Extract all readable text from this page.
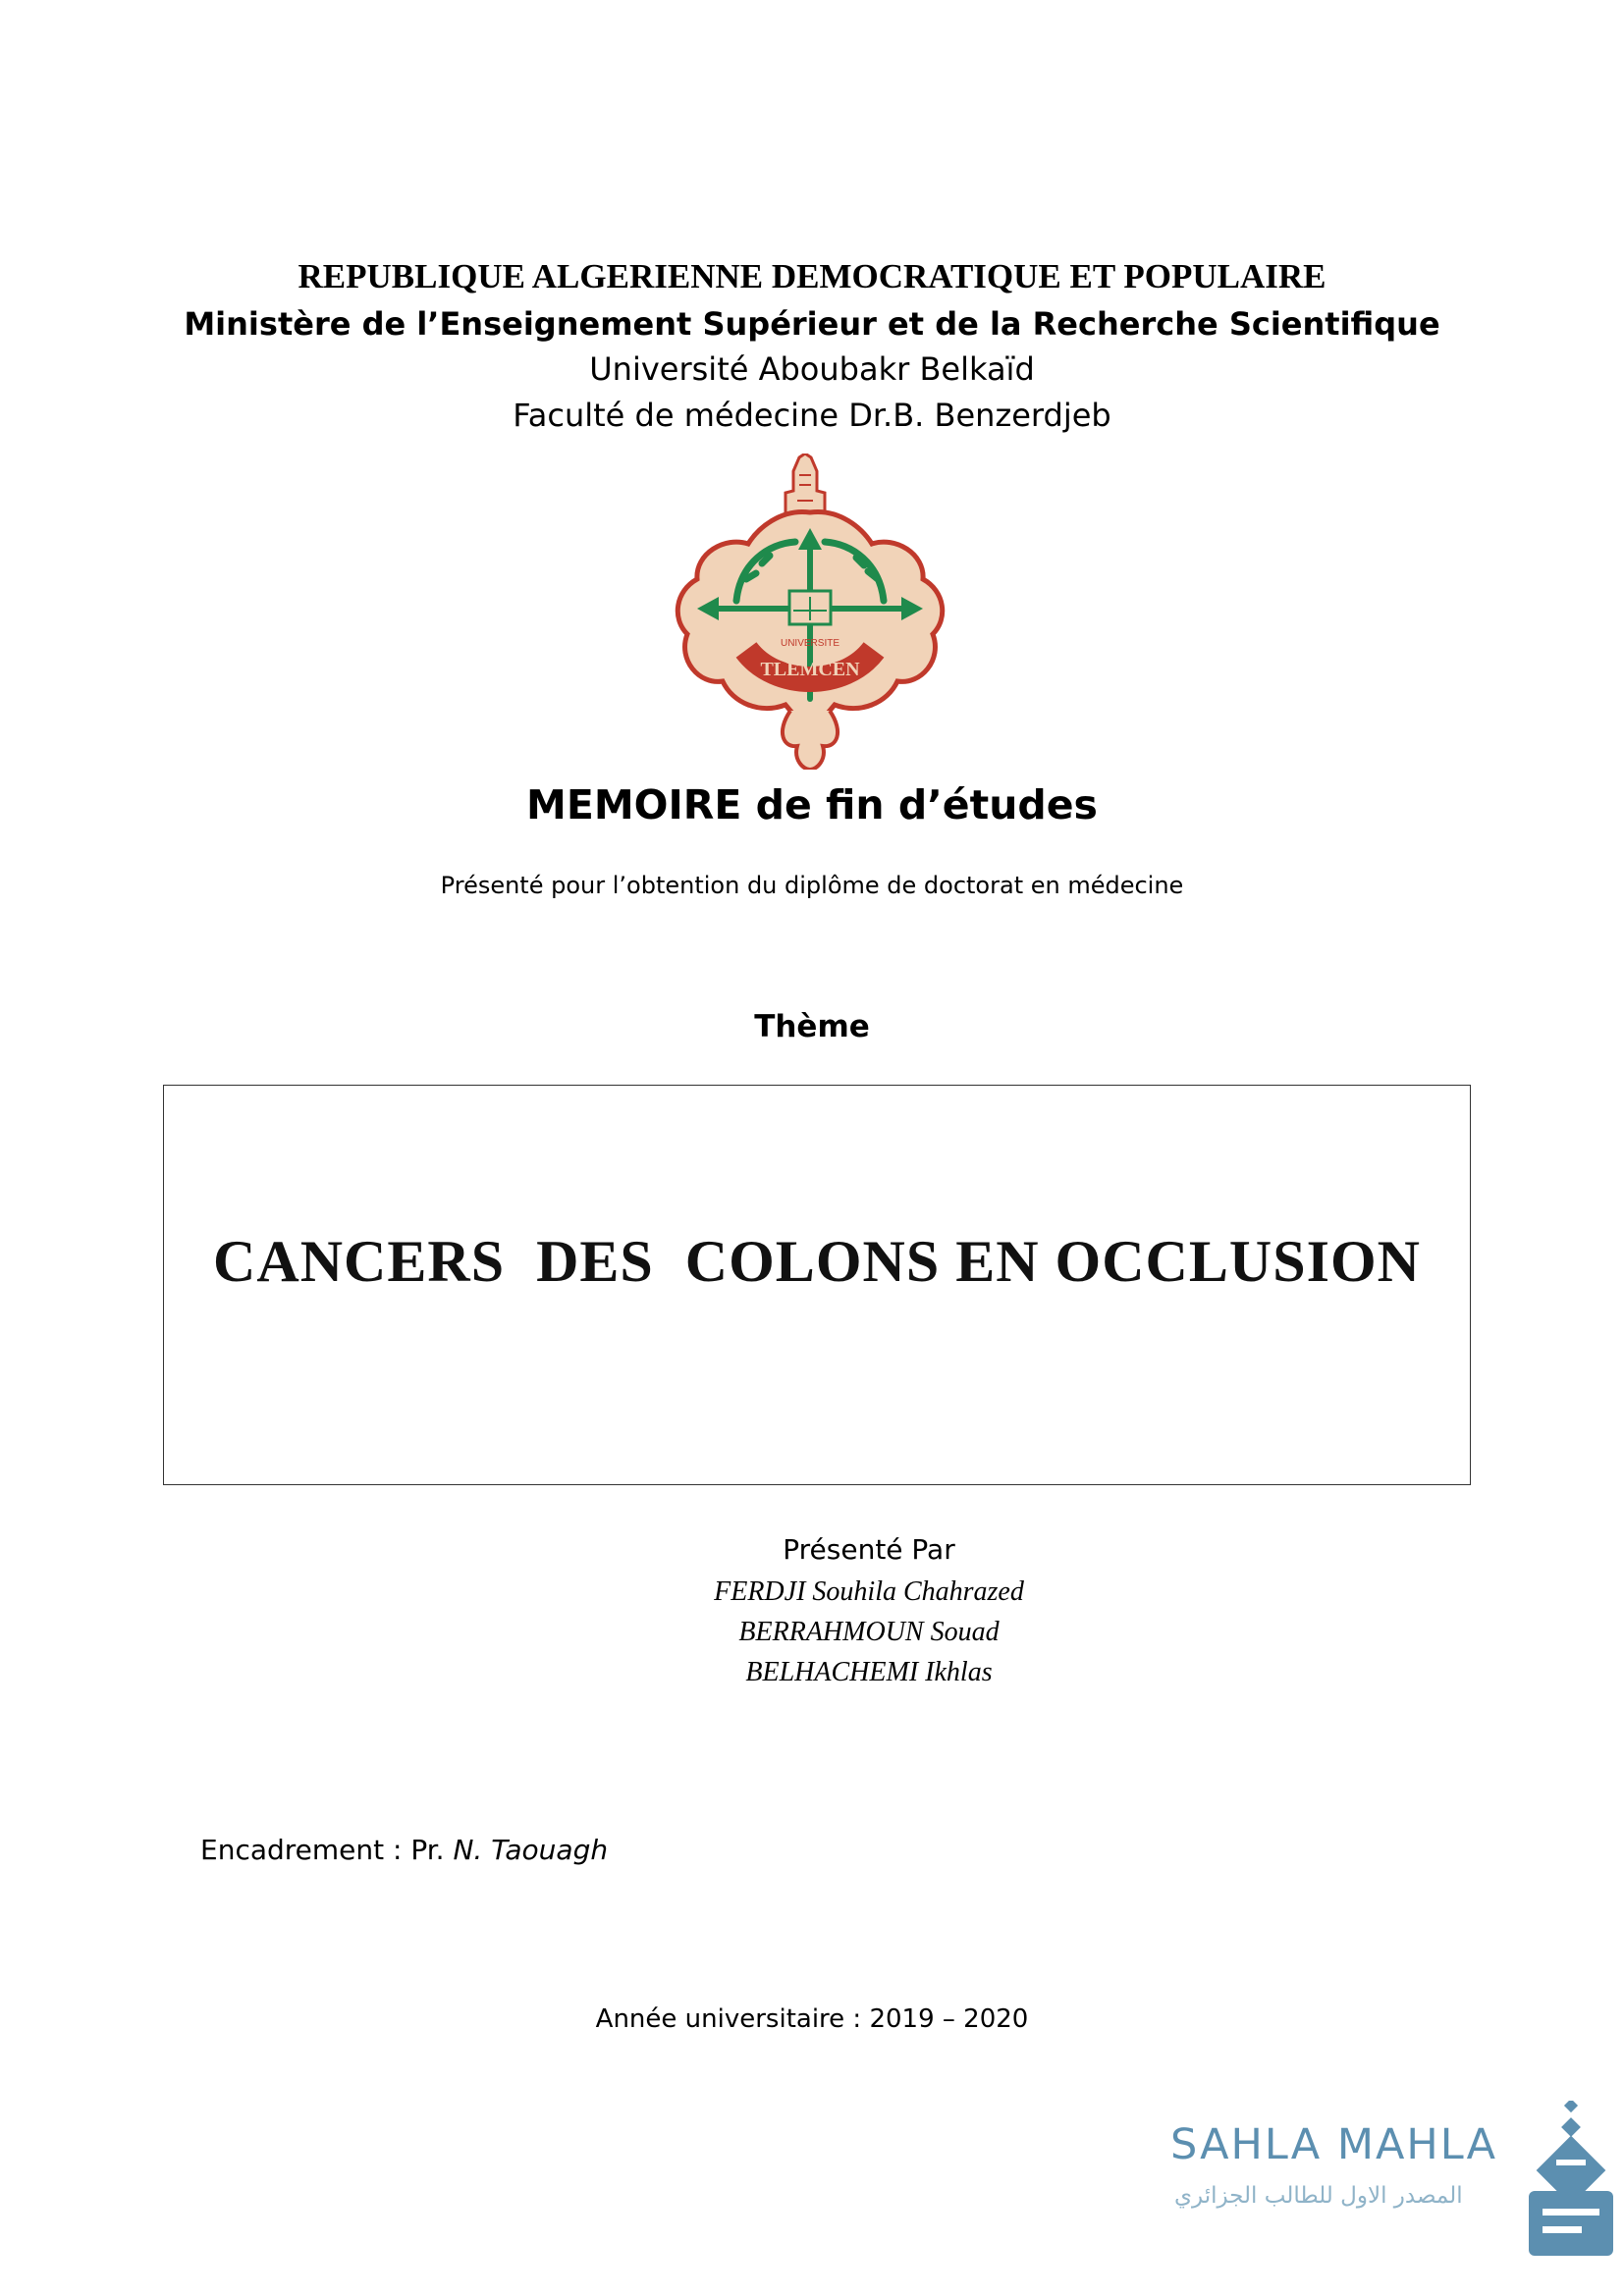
REPUBLIQUE ALGERIENNE DEMOCRATIQUE ET POPULAIRE
Ministère de l’Enseignement Supérieur et de la Recherche Scientifique
Université Aboubakr Belkaïd
Faculté de médecine Dr.B. Benzerdjeb
TLEMCEN
UNIVERSITE
MEMOIRE de fin d’études
Présenté pour l’obtention du diplôme de doctorat en médecine
Thème
CANCERS  DES  COLONS EN OCCLUSION
Présenté Par
FERDJI Souhila Chahrazed
BERRAHMOUN Souad
BELHACHEMI Ikhlas
Encadrement : Pr. N. Taouagh
Année universitaire : 2019 – 2020
SAHLA MAHLA
المصدر الاول للطالب الجزائري
